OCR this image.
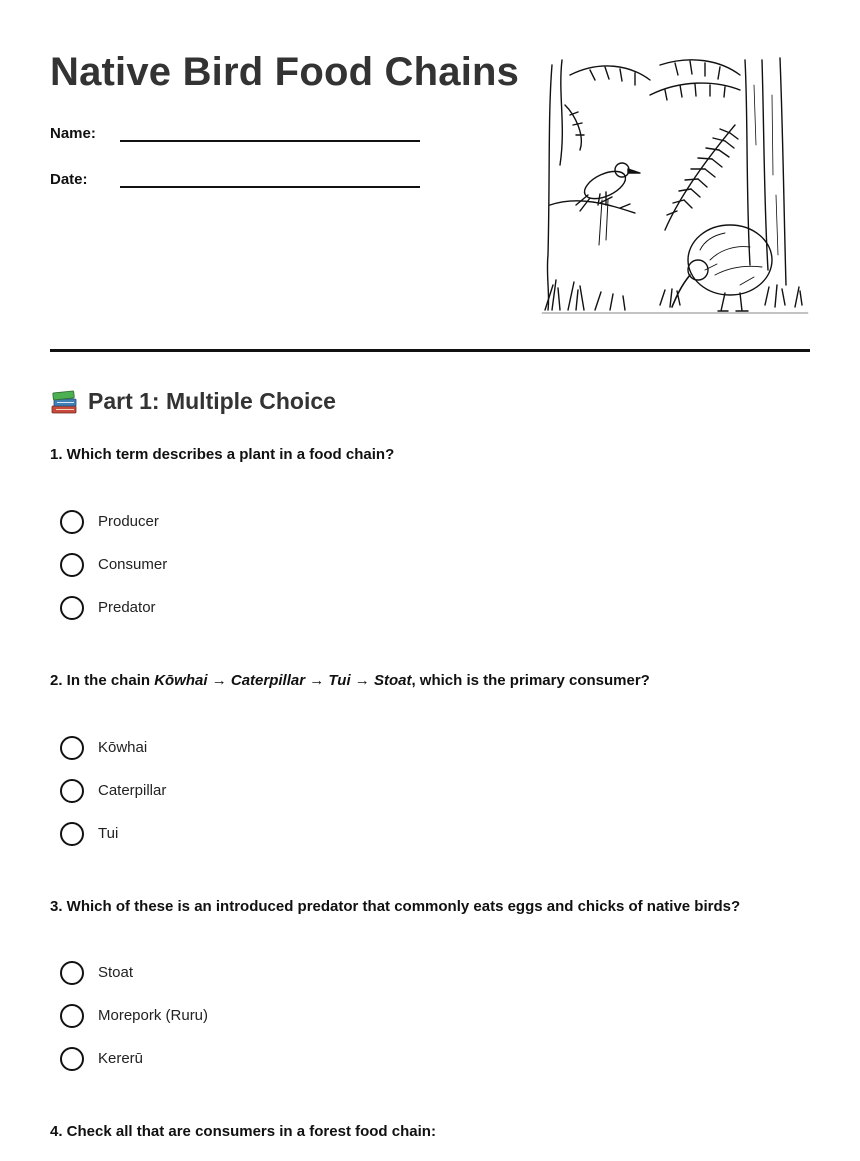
Native Bird Food Chains
Name:
Date:
Part 1: Multiple Choice

1. Which term describes a plant in a food chain?

Producer
Consumer
Predator

2. In the chain Kōwhai → Caterpillar → Tui → Stoat, which is the primary consumer?

Kōwhai
Caterpillar
Tui

3. Which of these is an introduced predator that commonly eats eggs and chicks of native birds?

Stoat
Morepork (Ruru)
Kererū

4. Check all that are consumers in a forest food chain:
